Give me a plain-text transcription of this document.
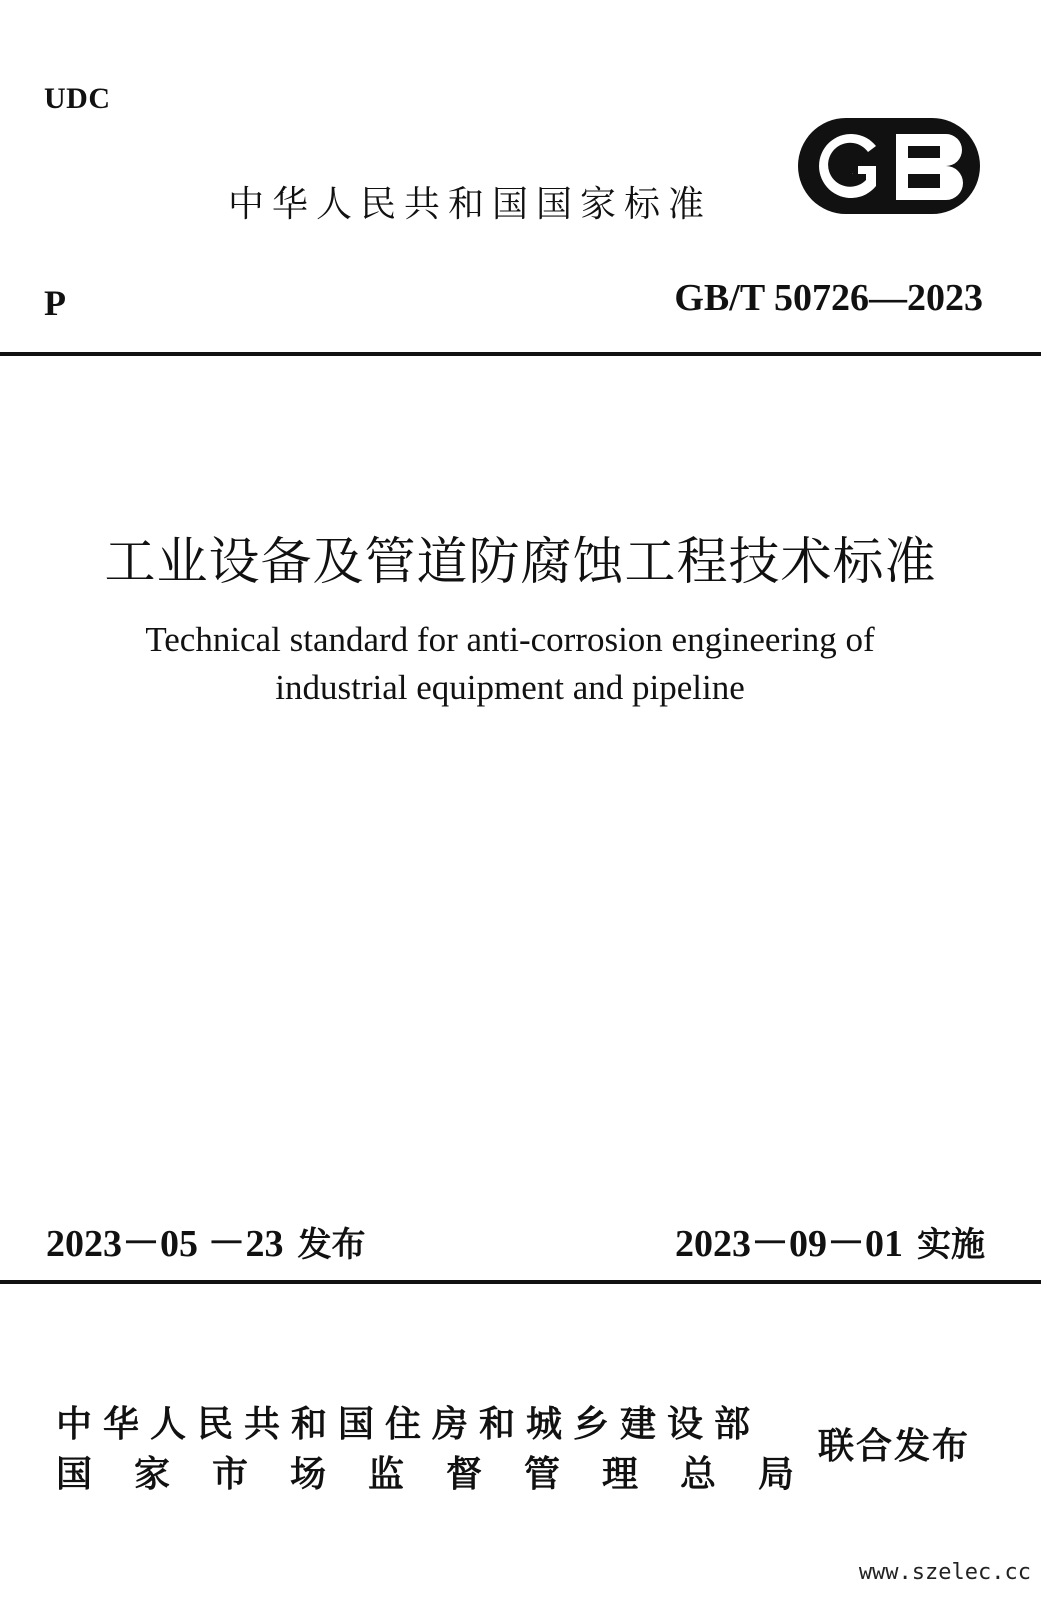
UDC
中华人民共和国国家标准
P	GB/T 50726—2023
工业设备及管道防腐蚀工程技术标准
Technical standard for anti-corrosion engineering of
industrial equipment and pipeline
2023－05 －23 发布	2023－09－01 实施
中华人民共和国住房和城乡建设部
国家市场监督管理总局
联合发布
www.szelec.cc
